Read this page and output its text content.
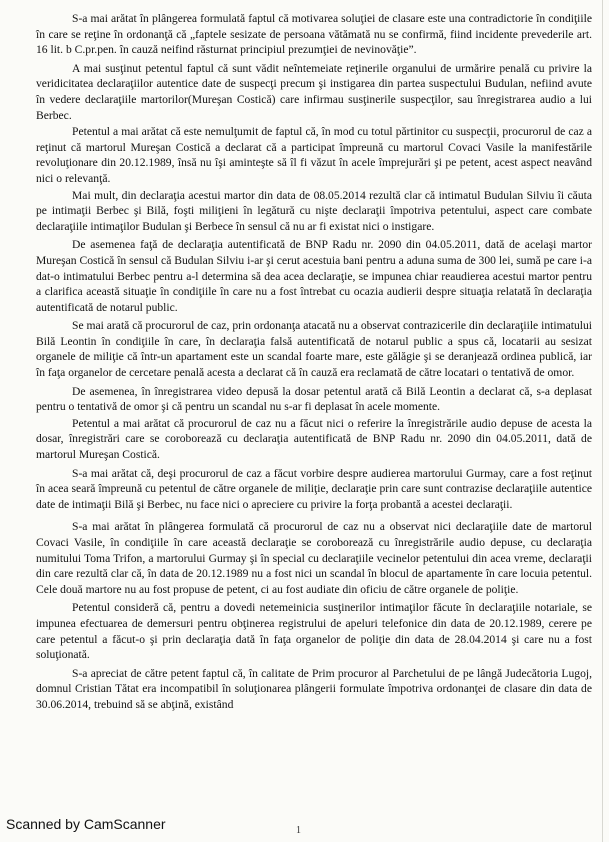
S-a mai arătat în plângerea formulată faptul că motivarea soluţiei de clasare este una contradictorie în condiţiile în care se reţine în ordonanţă că „faptele sesizate de persoana vătămată nu se confirmă, fiind incidente prevederile art. 16 lit. b C.pr.pen. în cauză neifind răsturnat principiul prezumţiei de nevinovăţie”.

A mai susţinut petentul faptul că sunt vădit neîntemeiate reţinerile organului de urmărire penală cu privire la veridicitatea declaraţiilor autentice date de suspecţi precum şi instigarea din partea suspectului Budulan, nefiind avute în vedere declaraţiile martorilor(Mureşan Costică) care infirmau susţinerile suspecţilor, sau înregistrarea audio a lui Berbec.

Petentul a mai arătat că este nemulţumit de faptul că, în mod cu totul părtinitor cu suspecţii, procurorul de caz a reţinut că martorul Mureşan Costică a declarat că a participat împreună cu martorul Covaci Vasile la manifestările revoluţionare din 20.12.1989, însă nu îşi aminteşte să îl fi văzut în acele împrejurări şi pe petent, acest aspect neavând nici o relevanţă.

Mai mult, din declaraţia acestui martor din data de 08.05.2014 rezultă clar că intimatul Budulan Silviu îi căuta pe intimaţii Berbec şi Bilă, foşti miliţieni în legătură cu nişte declaraţii împotriva petentului, aspect care combate declaraţiile intimaţilor Budulan şi Berbece în sensul că nu ar fi existat nici o instigare.

De asemenea faţă de declaraţia autentificată de BNP Radu nr. 2090 din 04.05.2011, dată de acelaşi martor Mureşan Costică în sensul că Budulan Silviu i-ar şi cerut acestuia bani pentru a aduna suma de 300 lei, sumă pe care i-a dat-o intimatului Berbec pentru a-l determina să dea acea declaraţie, se impunea chiar reaudierea acestui martor pentru a clarifica această situaţie în condiţiile în care nu a fost întrebat cu ocazia audierii despre situaţia relatată în declaraţia autentificată de notarul public.

Se mai arată că procurorul de caz, prin ordonanţa atacată nu a observat contrazicerile din declaraţiile intimatului Bilă Leontin în condiţiile în care, în declaraţia falsă autentificată de notarul public a spus că, locatarii au sesizat organele de miliţie că într-un apartament este un scandal foarte mare, este gălăgie şi se deranjează ordinea publică, iar în faţa organelor de cercetare penală acesta a declarat că în cauză era reclamată de către locatari o tentativă de omor.

De asemenea, în înregistrarea video depusă la dosar petentul arată că Bilă Leontin a declarat că, s-a deplasat pentru o tentativă de omor şi că pentru un scandal nu s-ar fi deplasat în acele momente.

Petentul a mai arătat că procurorul de caz nu a făcut nici o referire la înregistrările audio depuse de acesta la dosar, înregistrări care se coroborează cu declaraţia autentificată de BNP Radu nr. 2090 din 04.05.2011, dată de martorul Mureşan Costică.

S-a mai arătat că, deşi procurorul de caz a făcut vorbire despre audierea martorului Gurmay, care a fost reţinut în acea seară împreună cu petentul de către organele de miliţie, declaraţie prin care sunt contrazise declaraţiile autentice date de intimaţii Bilă şi Berbec, nu face nici o apreciere cu privire la forţa probantă a acestei declaraţii.

S-a mai arătat în plângerea formulată că procurorul de caz nu a observat nici declaraţiile date de martorul Covaci Vasile, în condiţiile în care această declaraţie se coroborează cu înregistrările audio depuse, cu declaraţia numitului Toma Trifon, a martorului Gurmay şi în special cu declaraţiile vecinelor petentului din acea vreme, declaraţii din care rezultă clar că, în data de 20.12.1989 nu a fost nici un scandal în blocul de apartamente în care locuia petentul. Cele două martore nu au fost propuse de petent, ci au fost audiate din oficiu de către organele de poliţie.

Petentul consideră că, pentru a dovedi netemeinicia susţinerilor intimaţilor făcute în declaraţiile notariale, se impunea efectuarea de demersuri pentru obţinerea registrului de apeluri telefonice din data de 20.12.1989, cerere pe care petentul a făcut-o şi prin declaraţia dată în faţa organelor de poliţie din data de 28.04.2014 şi care nu a fost soluţionată.

S-a apreciat de către petent faptul că, în calitate de Prim procuror al Parchetului de pe lângă Judecătoria Lugoj, domnul Cristian Tătat era incompatibil în soluţionarea plângerii formulate împotriva ordonanţei de clasare din data de 30.06.2014, trebuind să se abţină, existând

1
Scanned by CamScanner
